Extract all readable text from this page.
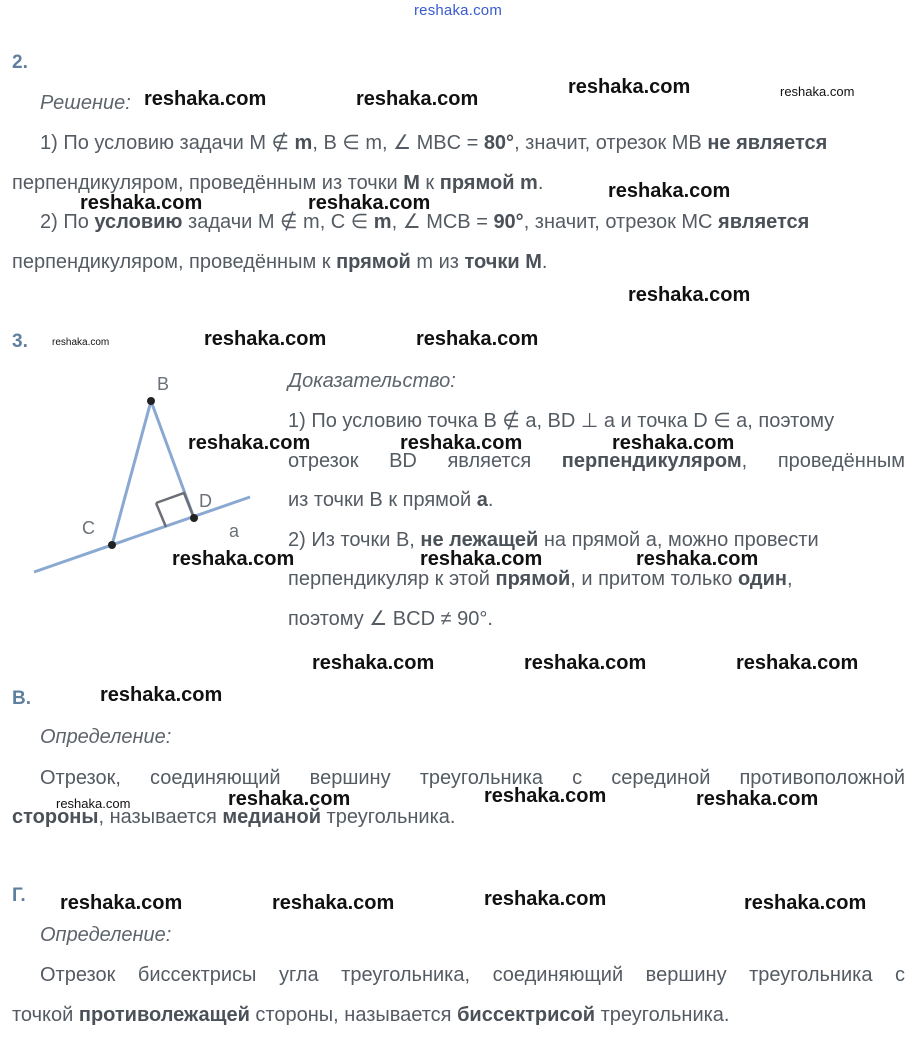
reshaka.com
2.
Решение:
1) По условию задачи M ∉ m, B ∈ m, ∠ MBC = 80°, значит, отрезок MB не является
перпендикуляром, проведённым из точки M к прямой m.
2) По условию задачи M ∉ m, C ∈ m, ∠ MCB = 90°, значит, отрезок MC является
перпендикуляром, проведённым к прямой m из точки M.
3.
B
C
D
a
Доказательство:
1) По условию точка B ∉ a, BD ⊥ a и точка D ∈ a, поэтому
отрезок BD является перпендикуляром, проведённым
из точки B к прямой a.
2) Из точки B, не лежащей на прямой a, можно провести
перпендикуляр к этой прямой, и притом только один,
поэтому ∠ BCD ≠ 90°.
В.
Определение:
Отрезок, соединяющий вершину треугольника с серединой противоположной
стороны, называется медианой треугольника.
Г.
Определение:
Отрезок биссектрисы угла треугольника, соединяющий вершину треугольника с
точкой противолежащей стороны, называется биссектрисой треугольника.
reshaka.com	reshaka.com
reshaka.com	reshaka.com
reshaka.com	reshaka.com
reshaka.com
reshaka.com
reshaka.com	reshaka.com	reshaka.com
reshaka.com	reshaka.com	reshaka.com
reshaka.com	reshaka.com	reshaka.com
reshaka.com	reshaka.com	reshaka.com
reshaka.com
reshaka.com	reshaka.com	reshaka.com	reshaka.com
reshaka.com	reshaka.com	reshaka.com	reshaka.com
